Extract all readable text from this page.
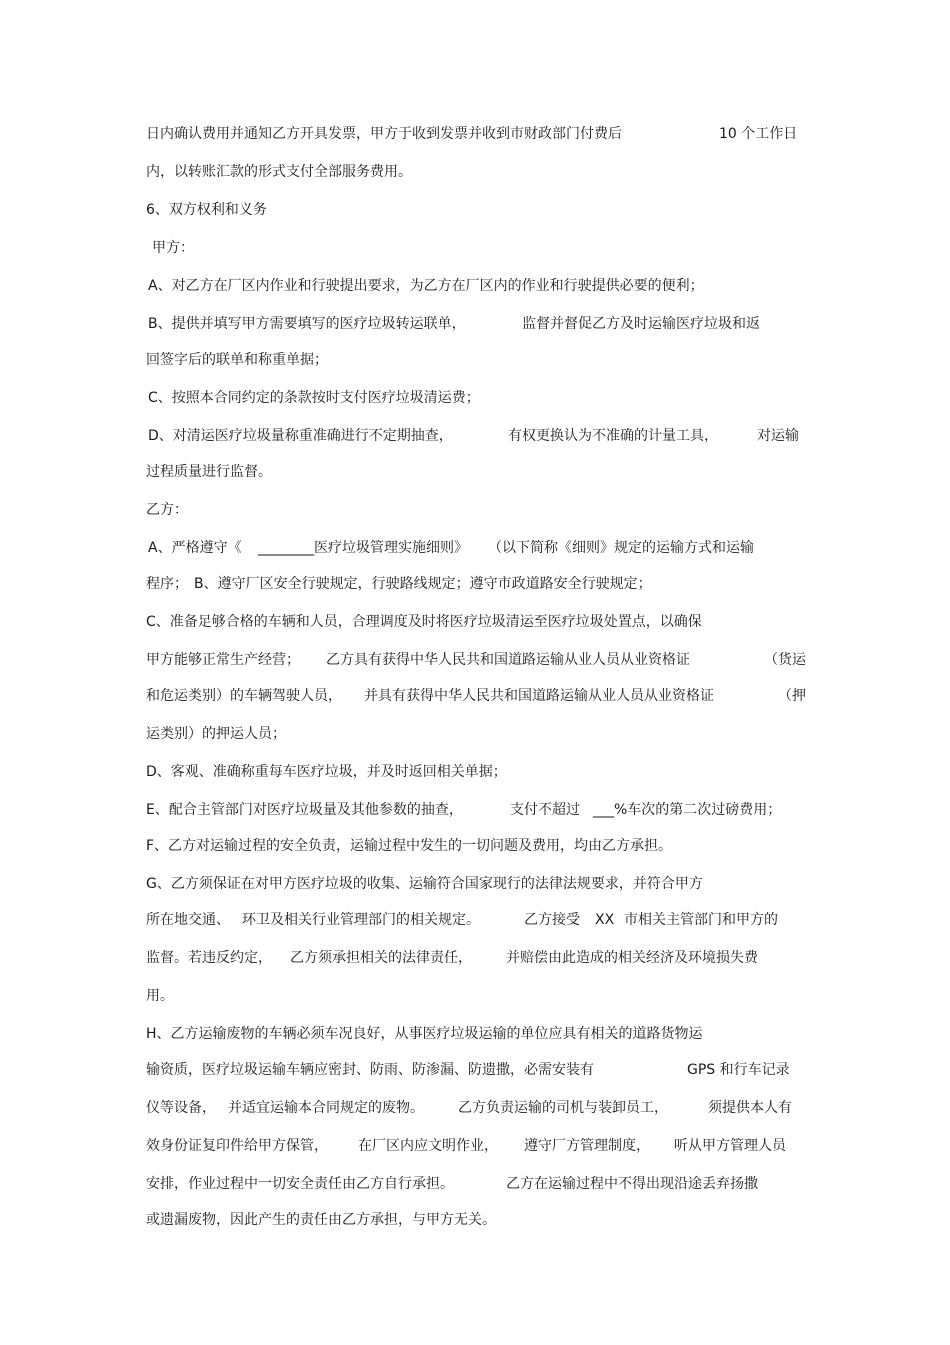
日内确认费用并通知乙方开具发票，甲方于收到发票并收到市财政部门付费后	10 个工作日
内，以转账汇款的形式支付全部服务费用。
6、双方权利和义务
甲方：
A、对乙方在厂区内作业和行驶提出要求，为乙方在厂区内的作业和行驶提供必要的便利；
B、提供并填写甲方需要填写的医疗垃圾转运联单，	监督并督促乙方及时运输医疗垃圾和返
回签字后的联单和称重单据；
C、按照本合同约定的条款按时支付医疗垃圾清运费；
D、对清运医疗垃圾量称重准确进行不定期抽查，	有权更换认为不准确的计量工具，	对运输
过程质量进行监督。
乙方：
A、严格遵守《 ________医疗垃圾管理实施细则》 （以下简称《细则》规定的运输方式和运输
程序； B、遵守厂区安全行驶规定，行驶路线规定；遵守市政道路安全行驶规定；
C、准备足够合格的车辆和人员，合理调度及时将医疗垃圾清运至医疗垃圾处置点，以确保
甲方能够正常生产经营； 乙方具有获得中华人民共和国道路运输从业人员从业资格证	（货运
和危运类别）的车辆驾驶人员， 并具有获得中华人民共和国道路运输从业人员从业资格证	（押
运类别）的押运人员；
D、客观、准确称重每车医疗垃圾，并及时返回相关单据；
E、配合主管部门对医疗垃圾量及其他参数的抽查，	支付不超过 ___%车次的第二次过磅费用；
F、乙方对运输过程的安全负责，运输过程中发生的一切问题及费用，均由乙方承担。
G、乙方须保证在对甲方医疗垃圾的收集、运输符合国家现行的法律法规要求，并符合甲方
所在地交通、 环卫及相关行业管理部门的相关规定。	乙方接受 XX 市相关主管部门和甲方的
监督。若违反约定， 乙方须承担相关的法律责任， 并赔偿由此造成的相关经济及环境损失费
用。
H、乙方运输废物的车辆必须车况良好，从事医疗垃圾运输的单位应具有相关的道路货物运
输资质，医疗垃圾运输车辆应密封、防雨、防渗漏、防遗撒，必需安装有	GPS 和行车记录
仪等设备， 并适宜运输本合同规定的废物。 乙方负责运输的司机与装卸员工，	须提供本人有
效身份证复印件给甲方保管， 在厂区内应文明作业， 遵守厂方管理制度， 听从甲方管理人员
安排，作业过程中一切安全责任由乙方自行承担。	乙方在运输过程中不得出现沿途丢弃扬撒
或遗漏废物，因此产生的责任由乙方承担，与甲方无关。
